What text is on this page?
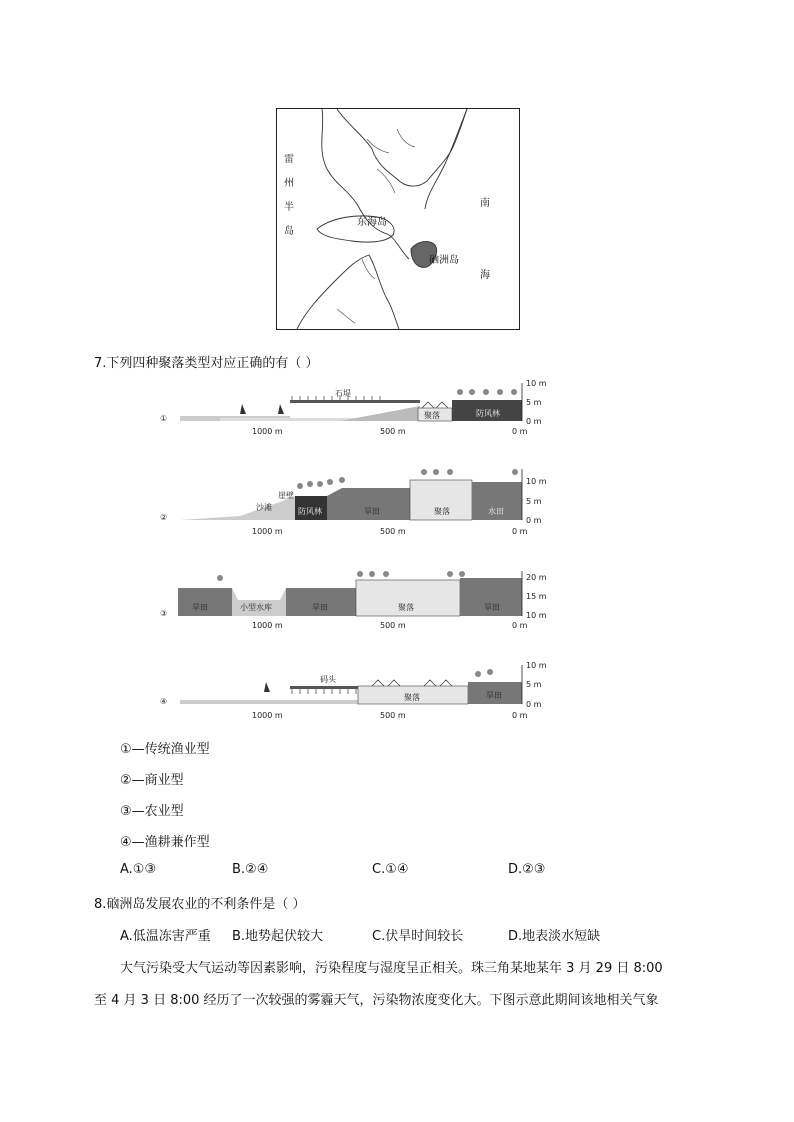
雷
州
半
岛
南
海
东海岛
硇洲岛
7.下列四种聚落类型对应正确的有（ ）
①
石堤
聚落	防风林
1000 m	500 m	0 m
10 m
5 m
0 m
②
沙滩
崖壁
防风林	旱田	聚落	水田
1000 m	500 m	0 m
10 m
5 m
0 m
③
旱田	小型水库	旱田	聚落	旱田
1000 m	500 m	0 m
20 m
15 m
10 m
④
码头
聚落	旱田
1000 m	500 m	0 m
10 m
5 m
0 m
①—传统渔业型
②—商业型
③—农业型
④—渔耕兼作型
A.①③	B.②④	C.①④	D.②③
8.硇洲岛发展农业的不利条件是（ ）
A.低温冻害严重 B.地势起伏较大	C.伏旱时间较长	D.地表淡水短缺
大气污染受大气运动等因素影响，污染程度与湿度呈正相关。珠三角某地某年 3 月 29 日 8:00
至 4 月 3 日 8:00 经历了一次较强的雾霾天气，污染物浓度变化大。下图示意此期间该地相关气象
